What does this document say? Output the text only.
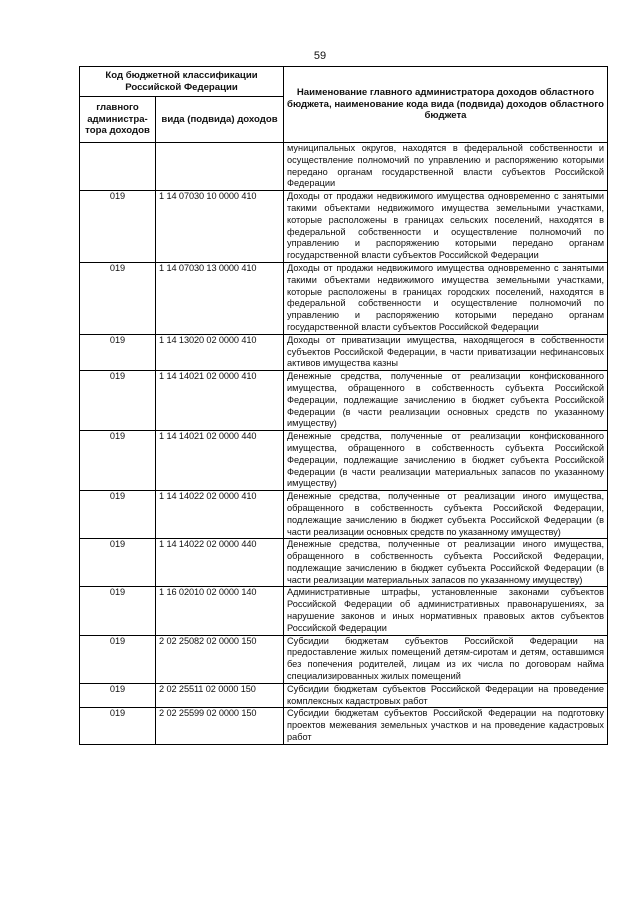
59
Код бюджетной классификации Российской Федерации		Наименование главного администратора доходов областного бюджета, наименование кода вида (подвида) доходов областного бюджета
главного администра-тора доходов	вида (подвида) доходов	
		муниципальных округов, находятся в федеральной собственности и осуществление полномочий по управлению и распоряжению которыми передано органам государственной власти субъектов Российской Федерации
019	1 14 07030 10 0000 410	Доходы от продажи недвижимого имущества одновременно с занятыми такими объектами недвижимого имущества земельными участками, которые расположены в границах сельских поселений, находятся в федеральной собственности и осуществление полномочий по управлению и распоряжению которыми передано органам государственной власти субъектов Российской Федерации
019	1 14 07030 13 0000 410	Доходы от продажи недвижимого имущества одновременно с занятыми такими объектами недвижимого имущества земельными участками, которые расположены в границах городских поселений, находятся в федеральной собственности и осуществление полномочий по управлению и распоряжению которыми передано органам государственной власти субъектов Российской Федерации
019	1 14 13020 02 0000 410	Доходы от приватизации имущества, находящегося в собственности субъектов Российской Федерации, в части приватизации нефинансовых активов имущества казны
019	1 14 14021 02 0000 410	Денежные средства, полученные от реализации конфискованного имущества, обращенного в собственность субъекта Российской Федерации, подлежащие зачислению в бюджет субъекта Российской Федерации (в части реализации основных средств по указанному имуществу)
019	1 14 14021 02 0000 440	Денежные средства, полученные от реализации конфискованного имущества, обращенного в собственность субъекта Российской Федерации, подлежащие зачислению в бюджет субъекта Российской Федерации (в части реализации материальных запасов по указанному имуществу)
019	1 14 14022 02 0000 410	Денежные средства, полученные от реализации иного имущества, обращенного в собственность субъекта Российской Федерации, подлежащие зачислению в бюджет субъекта Российской Федерации (в части реализации основных средств по указанному имуществу)
019	1 14 14022 02 0000 440	Денежные средства, полученные от реализации иного имущества, обращенного в собственность субъекта Российской Федерации, подлежащие зачислению в бюджет субъекта Российской Федерации (в части реализации материальных запасов по указанному имуществу)
019	1 16 02010 02 0000 140	Административные штрафы, установленные законами субъектов Российской Федерации об административных правонарушениях, за нарушение законов и иных нормативных правовых актов субъектов Российской Федерации
019	2 02 25082 02 0000 150	Субсидии бюджетам субъектов Российской Федерации на предоставление жилых помещений детям-сиротам и детям, оставшимся без попечения родителей, лицам из их числа по договорам найма специализированных жилых помещений
019	2 02 25511 02 0000 150	Субсидии бюджетам субъектов Российской Федерации на проведение комплексных кадастровых работ
019	2 02 25599 02 0000 150	Субсидии бюджетам субъектов Российской Федерации на подготовку проектов межевания земельных участков и на проведение кадастровых работ
